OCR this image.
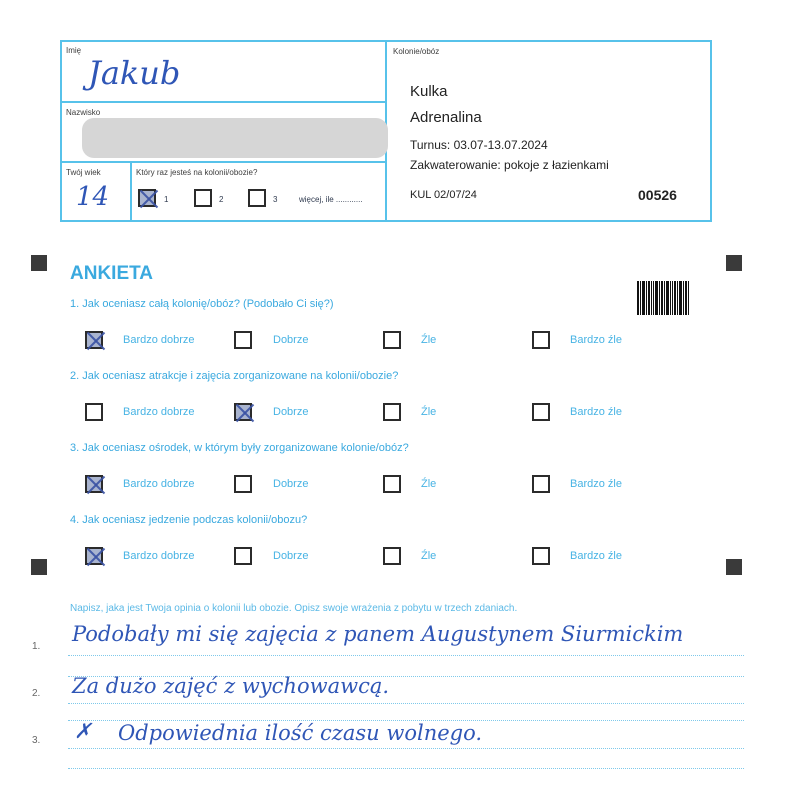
Imię
Jakub
Nazwisko
Twój wiek
14
Który raz jesteś na kolonii/obozie?
1	2	3	więcej, ile ............
Kolonie/obóz
Kulka
Adrenalina
Turnus: 03.07-13.07.2024
Zakwaterowanie: pokoje z łazienkami
KUL 02/07/24	00526
ANKIETA
1. Jak oceniasz całą kolonię/obóz? (Podobało Ci się?)
Bardzo dobrze	Dobrze	Źle	Bardzo źle
2. Jak oceniasz atrakcje i zajęcia zorganizowane na kolonii/obozie?
Bardzo dobrze	Dobrze	Źle	Bardzo źle
3. Jak oceniasz ośrodek, w którym były zorganizowane kolonie/obóz?
Bardzo dobrze	Dobrze	Źle	Bardzo źle
4. Jak oceniasz jedzenie podczas kolonii/obozu?
Bardzo dobrze	Dobrze	Źle	Bardzo źle
Napisz, jaka jest Twoja opinia o kolonii lub obozie. Opisz swoje wrażenia z pobytu w trzech zdaniach.
1.
Podobały mi się zajęcia z panem Augustynem Siurmickim
2. Za dużo zajęć z wychowawcą.
3. ✗ Odpowiednia ilość czasu wolnego.
